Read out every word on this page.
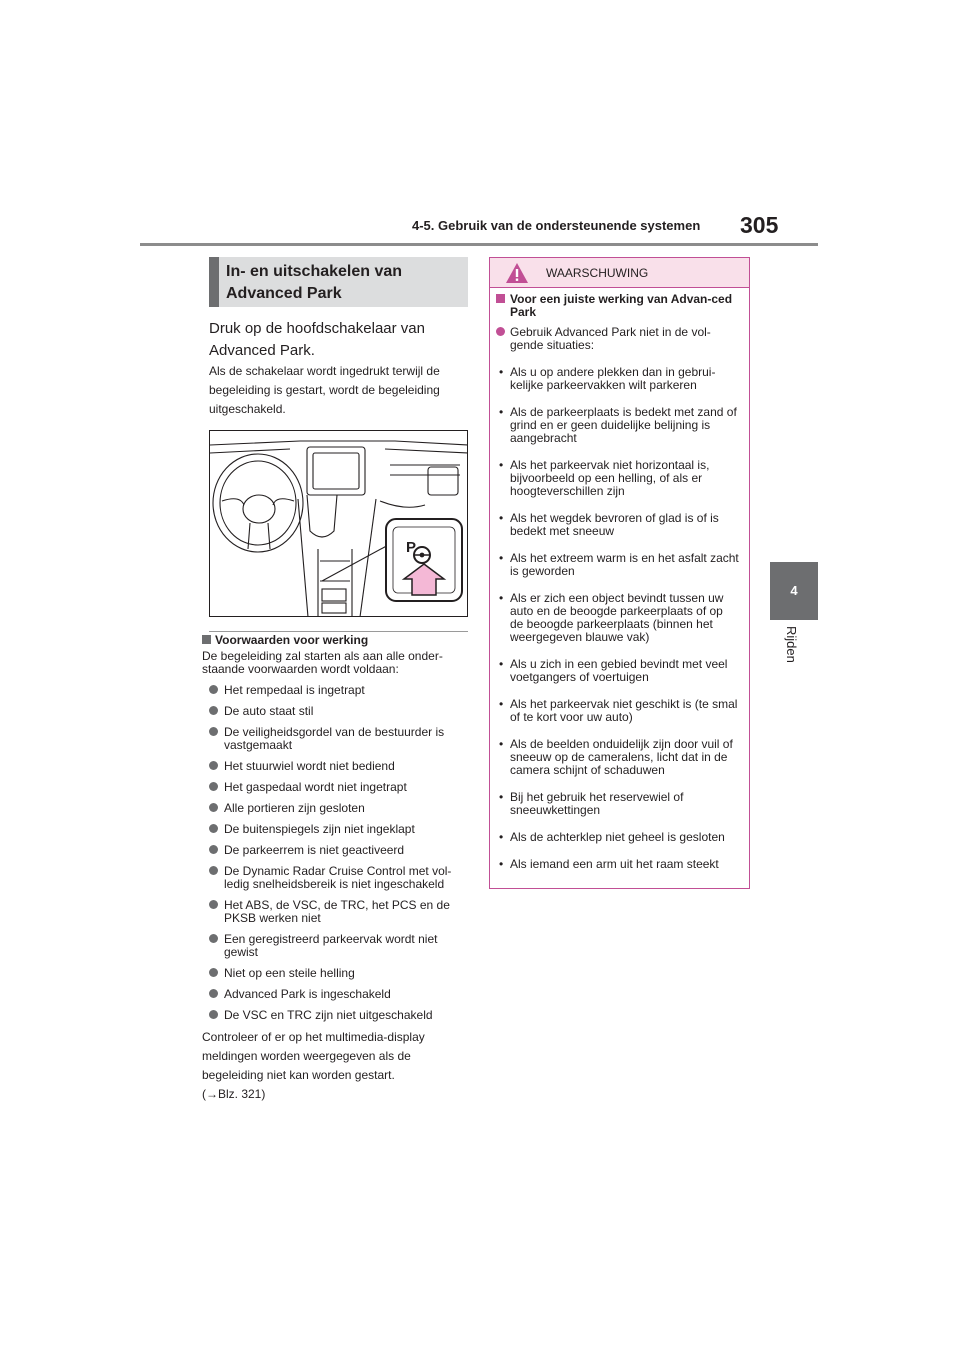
4-5. Gebruik van de ondersteunende systemen 305
4
Rijden
In- en uitschakelen van Advanced Park
Druk op de hoofdschakelaar van Advanced Park.
Als de schakelaar wordt ingedrukt terwijl de begeleiding is gestart, wordt de begeleiding uitgeschakeld.
P
Voorwaarden voor werking
De begeleiding zal starten als aan alle onder-staande voorwaarden wordt voldaan:
Het rempedaal is ingetrapt
De auto staat stil
De veiligheidsgordel van de bestuurder is vastgemaakt
Het stuurwiel wordt niet bediend
Het gaspedaal wordt niet ingetrapt
Alle portieren zijn gesloten
De buitenspiegels zijn niet ingeklapt
De parkeerrem is niet geactiveerd
De Dynamic Radar Cruise Control met vol-ledig snelheidsbereik is niet ingeschakeld
Het ABS, de VSC, de TRC, het PCS en de PKSB werken niet
Een geregistreerd parkeervak wordt niet gewist
Niet op een steile helling
Advanced Park is ingeschakeld
De VSC en TRC zijn niet uitgeschakeld
Controleer of er op het multimedia-display meldingen worden weergegeven als de begeleiding niet kan worden gestart.
(→Blz. 321)
WAARSCHUWING
Voor een juiste werking van Advan-ced Park
Gebruik Advanced Park niet in de vol-gende situaties:
• Als u op andere plekken dan in gebrui-kelijke parkeervakken wilt parkeren
• Als de parkeerplaats is bedekt met zand of grind en er geen duidelijke belijning is aangebracht
• Als het parkeervak niet horizontaal is, bijvoorbeeld op een helling, of als er hoogteverschillen zijn
• Als het wegdek bevroren of glad is of is bedekt met sneeuw
• Als het extreem warm is en het asfalt zacht is geworden
• Als er zich een object bevindt tussen uw auto en de beoogde parkeerplaats of op de beoogde parkeerplaats (binnen het weergegeven blauwe vak)
• Als u zich in een gebied bevindt met veel voetgangers of voertuigen
• Als het parkeervak niet geschikt is (te smal of te kort voor uw auto)
• Als de beelden onduidelijk zijn door vuil of sneeuw op de cameralens, licht dat in de camera schijnt of schaduwen
• Bij het gebruik het reservewiel of sneeuwkettingen
• Als de achterklep niet geheel is gesloten
• Als iemand een arm uit het raam steekt
